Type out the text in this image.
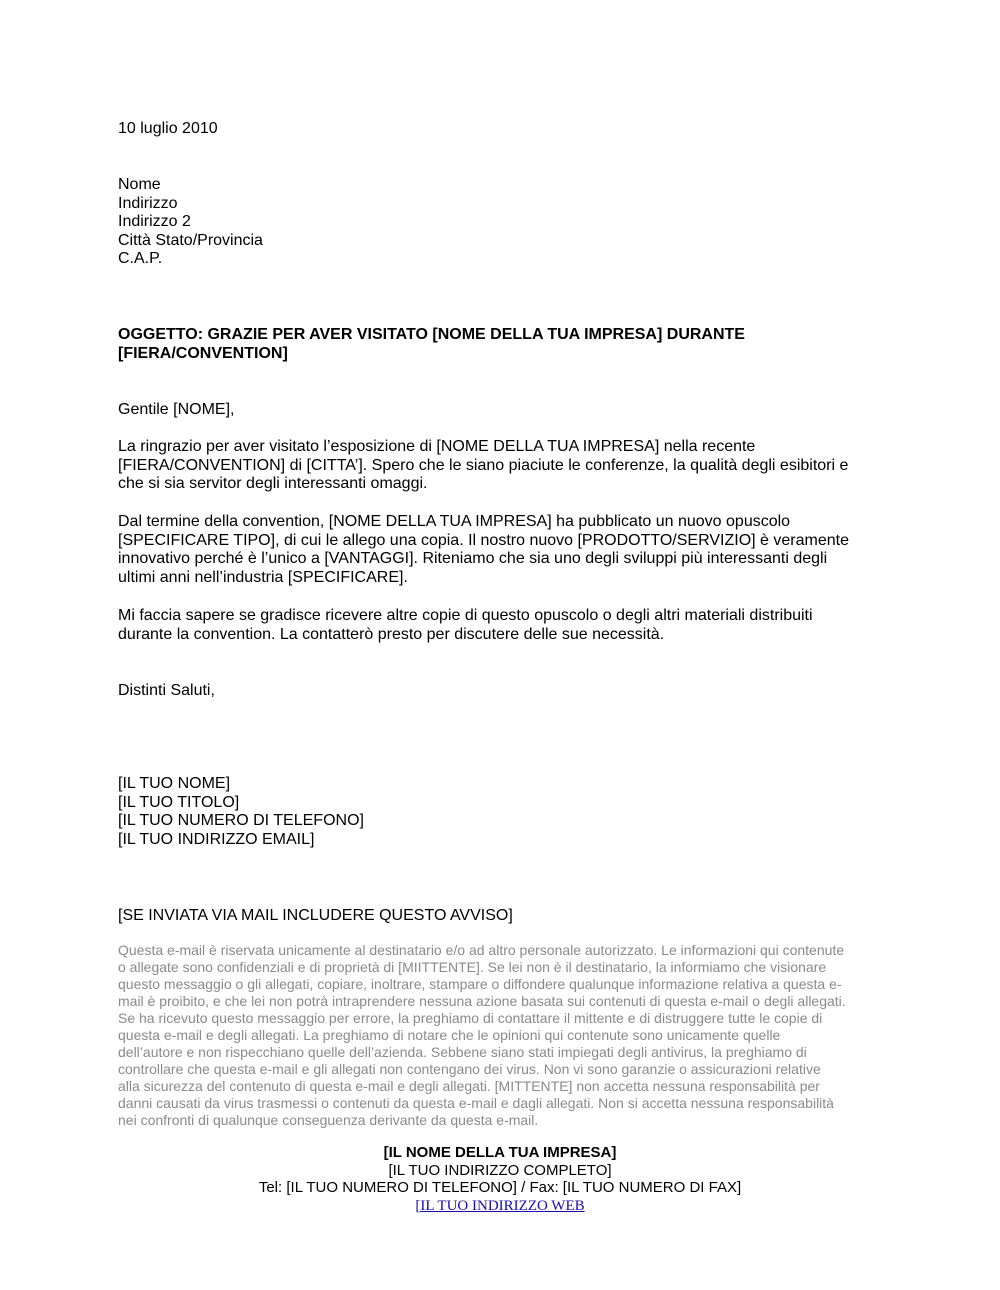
10 luglio 2010
Nome
Indirizzo
Indirizzo 2
Città Stato/Provincia
C.A.P.
OGGETTO: GRAZIE PER AVER VISITATO [NOME DELLA TUA IMPRESA] DURANTE
[FIERA/CONVENTION]
Gentile [NOME],
La ringrazio per aver visitato l’esposizione di [NOME DELLA TUA IMPRESA] nella recente
[FIERA/CONVENTION] di [CITTA’]. Spero che le siano piaciute le conferenze, la qualità degli esibitori e
che si sia servitor degli interessanti omaggi.
Dal termine della convention, [NOME DELLA TUA IMPRESA] ha pubblicato un nuovo opuscolo
[SPECIFICARE TIPO], di cui le allego una copia. Il nostro nuovo [PRODOTTO/SERVIZIO] è veramente
innovativo perché è l’unico a [VANTAGGI]. Riteniamo che sia uno degli sviluppi più interessanti degli
ultimi anni nell’industria [SPECIFICARE].
Mi faccia sapere se gradisce ricevere altre copie di questo opuscolo o degli altri materiali distribuiti
durante la convention. La contatterò presto per discutere delle sue necessità.
Distinti Saluti,
[IL TUO NOME]
[IL TUO TITOLO]
[IL TUO NUMERO DI TELEFONO]
[IL TUO INDIRIZZO EMAIL]
[SE INVIATA VIA MAIL INCLUDERE QUESTO AVVISO]
Questa e-mail è riservata unicamente al destinatario e/o ad altro personale autorizzato. Le informazioni qui contenute
o allegate sono confidenziali e di proprietà di [MIITTENTE]. Se lei non è il destinatario, la informiamo che visionare
questo messaggio o gli allegati, copiare, inoltrare, stampare o diffondere qualunque informazione relativa a questa e-
mail è proibito, e che lei non potrà intraprendere nessuna azione basata sui contenuti di questa e-mail o degli allegati.
Se ha ricevuto questo messaggio per errore, la preghiamo di contattare il mittente e di distruggere tutte le copie di
questa e-mail e degli allegati. La preghiamo di notare che le opinioni qui contenute sono unicamente quelle
dell’autore e non rispecchiano quelle dell’azienda. Sebbene siano stati impiegati degli antivirus, la preghiamo di
controllare che questa e-mail e gli allegati non contengano dei virus. Non vi sono garanzie o assicurazioni relative
alla sicurezza del contenuto di questa e-mail e degli allegati. [MITTENTE] non accetta nessuna responsabilità per
danni causati da virus trasmessi o contenuti da questa e-mail e dagli allegati. Non si accetta nessuna responsabilità
nei confronti di qualunque conseguenza derivante da questa e-mail.
[IL NOME DELLA TUA IMPRESA]
[IL TUO INDIRIZZO COMPLETO]
Tel: [IL TUO NUMERO DI TELEFONO] / Fax: [IL TUO NUMERO DI FAX]
[IL TUO INDIRIZZO WEB
